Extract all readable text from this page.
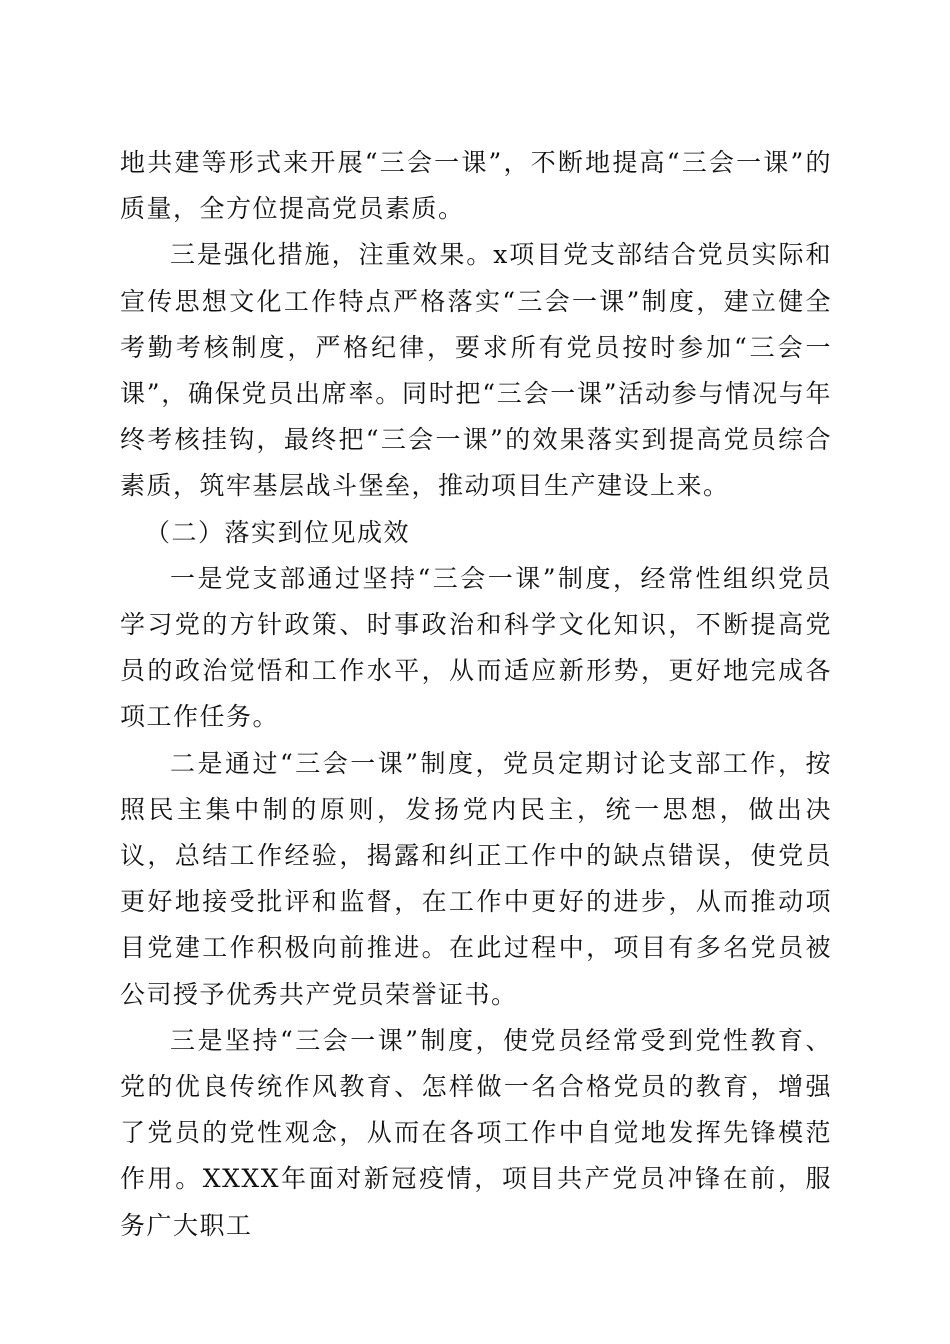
地共建等形式来开展“三会一课”，不断地提高“三会一课”的质量，全方位提高党员素质。

三是强化措施，注重效果。x项目党支部结合党员实际和宣传思想文化工作特点严格落实“三会一课”制度，建立健全考勤考核制度，严格纪律，要求所有党员按时参加“三会一课”，确保党员出席率。同时把“三会一课”活动参与情况与年终考核挂钩，最终把“三会一课”的效果落实到提高党员综合素质，筑牢基层战斗堡垒，推动项目生产建设上来。

（二）落实到位见成效

一是党支部通过坚持“三会一课”制度，经常性组织党员学习党的方针政策、时事政治和科学文化知识，不断提高党员的政治觉悟和工作水平，从而适应新形势，更好地完成各项工作任务。

二是通过“三会一课”制度，党员定期讨论支部工作，按照民主集中制的原则，发扬党内民主，统一思想，做出决议，总结工作经验，揭露和纠正工作中的缺点错误，使党员更好地接受批评和监督，在工作中更好的进步，从而推动项目党建工作积极向前推进。在此过程中，项目有多名党员被公司授予优秀共产党员荣誉证书。

三是坚持“三会一课”制度，使党员经常受到党性教育、党的优良传统作风教育、怎样做一名合格党员的教育，增强了党员的党性观念，从而在各项工作中自觉地发挥先锋模范作用。XXXX年面对新冠疫情，项目共产党员冲锋在前，服务广大职工
